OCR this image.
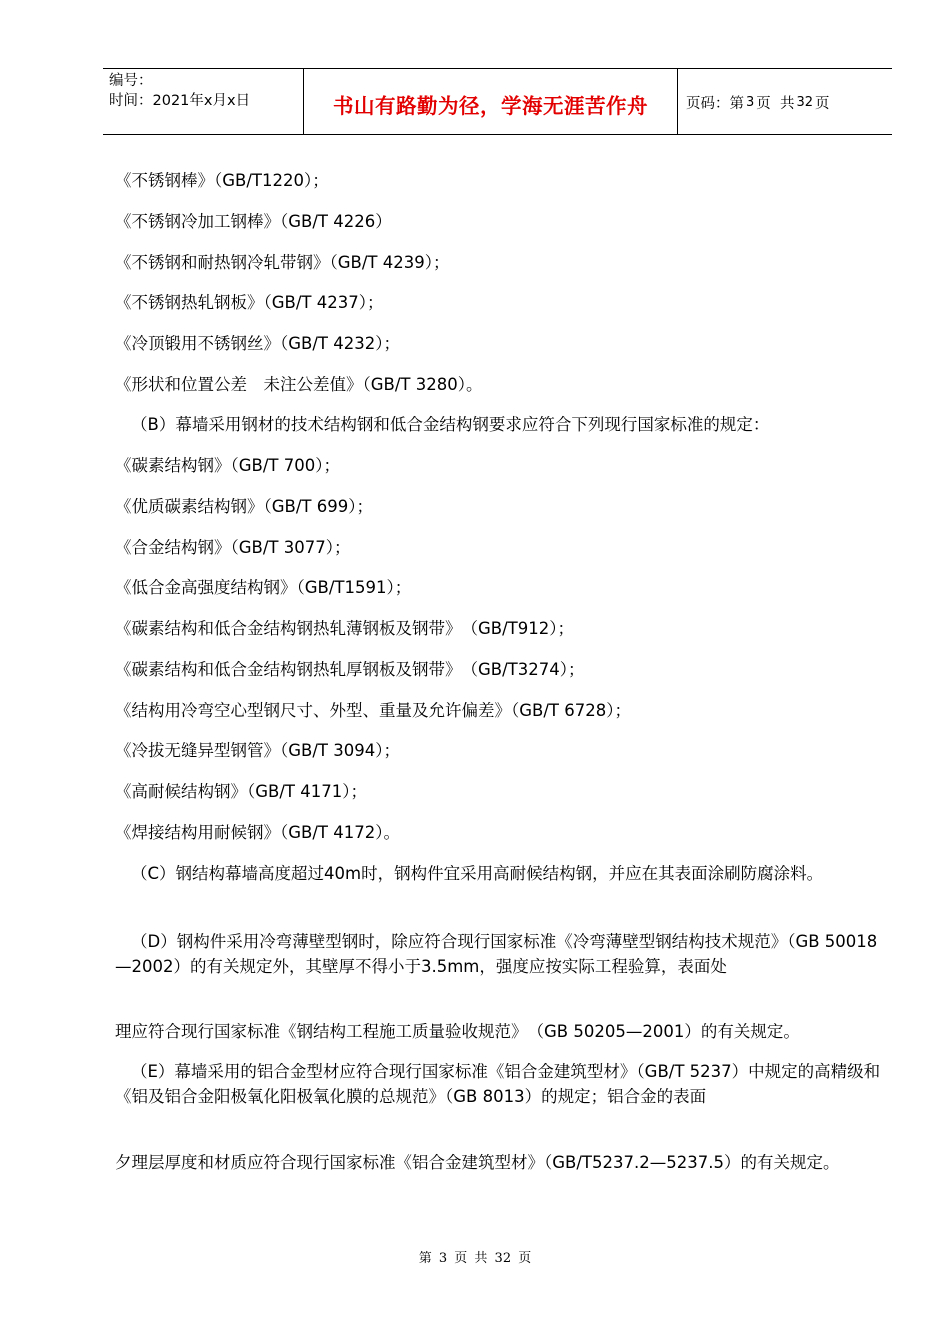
编号：
时间：2021年x月x日	书山有路勤为径，学海无涯苦作舟	页码：第 3 页  共 32 页
《不锈钢棒》（GB/T1220）；
《不锈钢冷加工钢棒》（GB/T 4226）
《不锈钢和耐热钢冷轧带钢》（GB/T 4239）；
《不锈钢热轧钢板》（GB/T 4237）；
《冷顶锻用不锈钢丝》（GB/T 4232）；
《形状和位置公差　未注公差值》（GB/T 3280）。
（B）幕墙采用钢材的技术结构钢和低合金结构钢要求应符合下列现行国家标准的规定：
《碳素结构钢》（GB/T 700）；
《优质碳素结构钢》（GB/T 699）；
《合金结构钢》（GB/T 3077）；
《低合金高强度结构钢》（GB/T1591）；
《碳素结构和低合金结构钢热轧薄钢板及钢带》　（GB/T912）；
《碳素结构和低合金结构钢热轧厚钢板及钢带》　（GB/T3274）；
《结构用冷弯空心型钢尺寸、外型、重量及允许偏差》（GB/T 6728）；
《冷拔无缝异型钢管》（GB/T 3094）；
《高耐候结构钢》（GB/T 4171）；
《焊接结构用耐候钢》（GB/T 4172）。
（C）钢结构幕墙高度超过40m时，钢构件宜采用高耐候结构钢，并应在其表面涂刷防腐涂料。
（D）钢构件采用冷弯薄壁型钢时，除应符合现行国家标准《冷弯薄壁型钢结构技术规范》（GB 50018—2002）的有关规定外，其壁厚不得小于3.5mm，强度应按实际工程验算，表面处
理应符合现行国家标准《钢结构工程施工质量验收规范》　（GB 50205—2001）的有关规定。
（E）幕墙采用的铝合金型材应符合现行国家标准《铝合金建筑型材》（GB/T 5237）中规定的高精级和《铝及铝合金阳极氧化阳极氧化膜的总规范》（GB 8013）的规定；铝合金的表面
夕理层厚度和材质应符合现行国家标准《铝合金建筑型材》（GB/T5237.2—5237.5）的有关规定。
第 3 页 共 32 页
